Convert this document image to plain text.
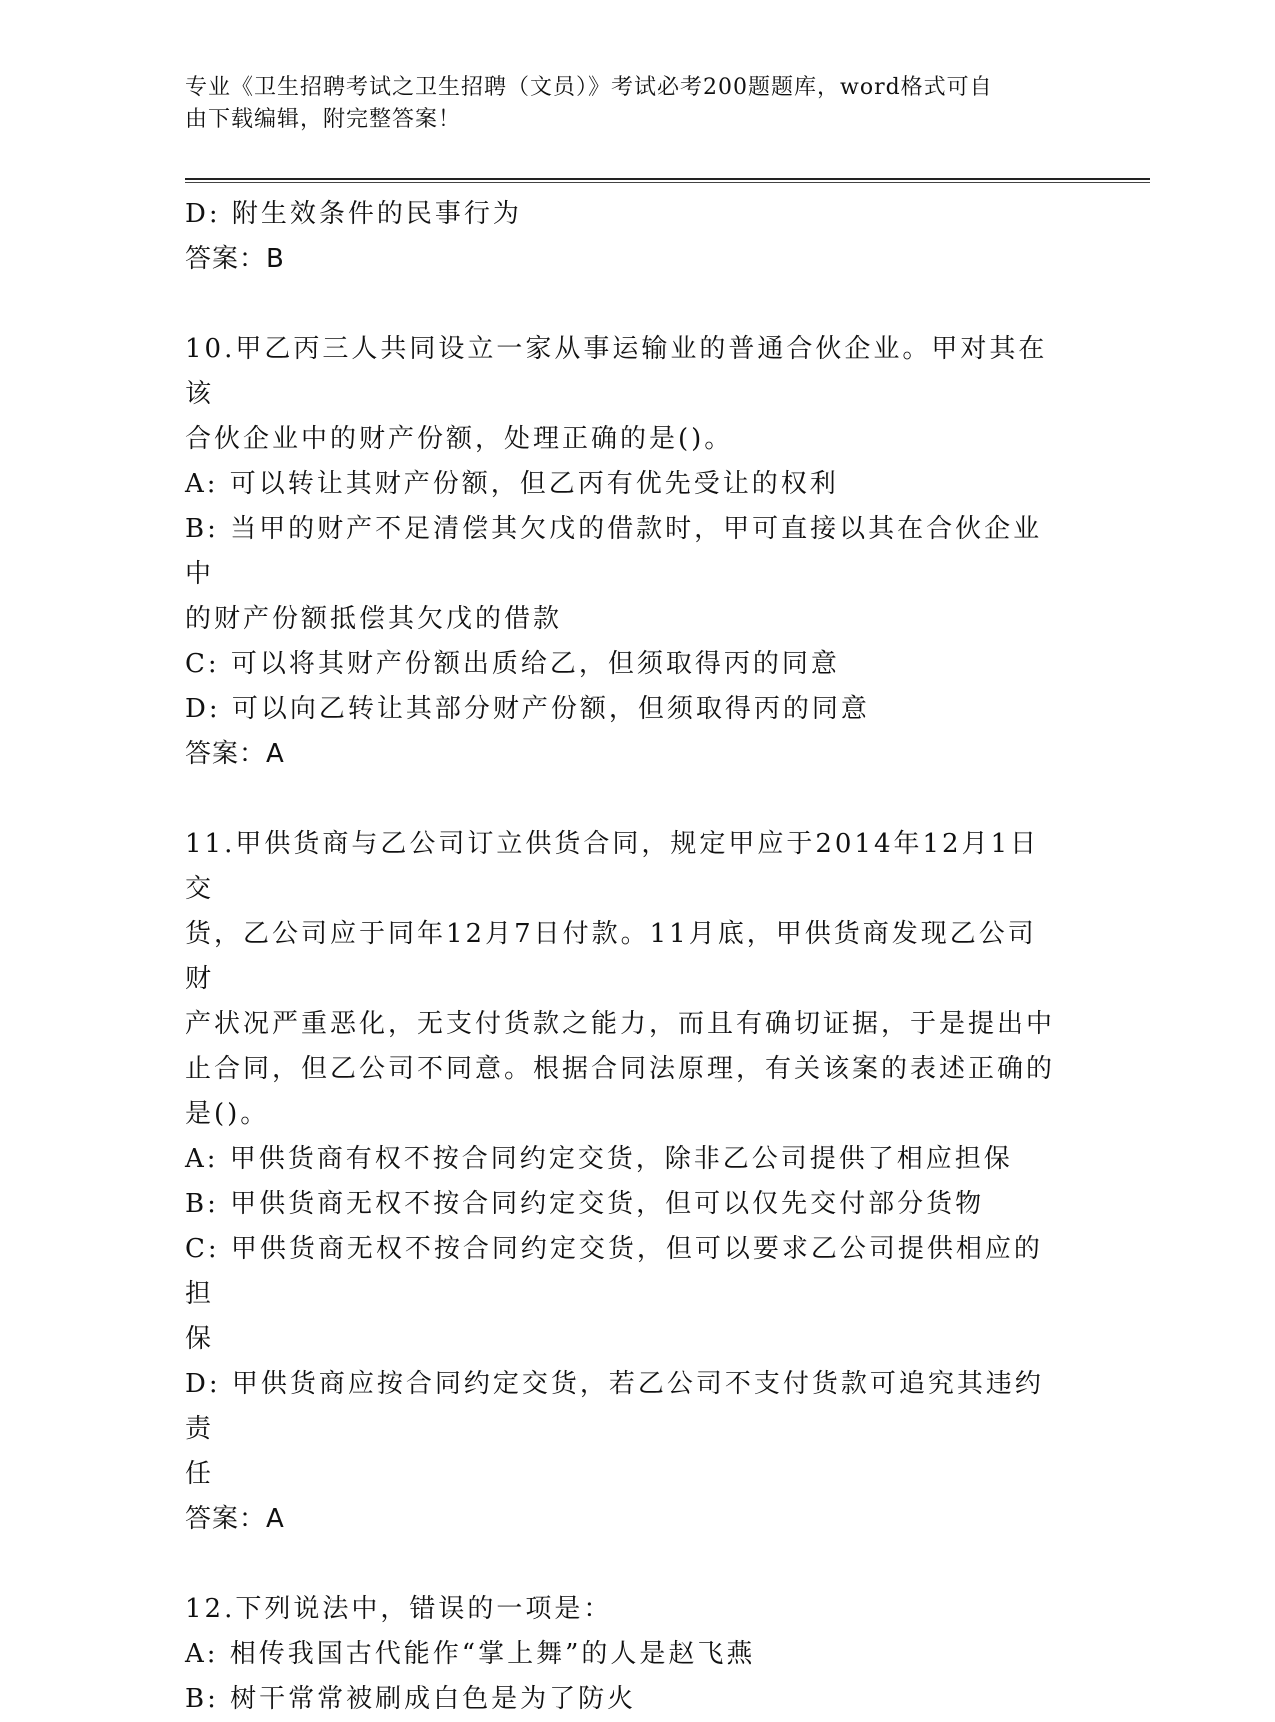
专业《卫生招聘考试之卫生招聘（文员）》考试必考200题题库，word格式可自
由下载编辑，附完整答案！
D: 附生效条件的民事行为
答案：B
10.甲乙丙三人共同设立一家从事运输业的普通合伙企业。甲对其在该
合伙企业中的财产份额，处理正确的是()。
A: 可以转让其财产份额，但乙丙有优先受让的权利
B: 当甲的财产不足清偿其欠戊的借款时，甲可直接以其在合伙企业中
的财产份额抵偿其欠戊的借款
C: 可以将其财产份额出质给乙，但须取得丙的同意
D: 可以向乙转让其部分财产份额，但须取得丙的同意
答案：A
11.甲供货商与乙公司订立供货合同，规定甲应于2014年12月1日交
货，乙公司应于同年12月7日付款。11月底，甲供货商发现乙公司财
产状况严重恶化，无支付货款之能力，而且有确切证据，于是提出中
止合同，但乙公司不同意。根据合同法原理，有关该案的表述正确的
是()。
A: 甲供货商有权不按合同约定交货，除非乙公司提供了相应担保
B: 甲供货商无权不按合同约定交货，但可以仅先交付部分货物
C: 甲供货商无权不按合同约定交货，但可以要求乙公司提供相应的担
保
D: 甲供货商应按合同约定交货，若乙公司不支付货款可追究其违约责
任
答案：A
12.下列说法中，错误的一项是：
A: 相传我国古代能作“掌上舞”的人是赵飞燕
B: 树干常常被刷成白色是为了防火
